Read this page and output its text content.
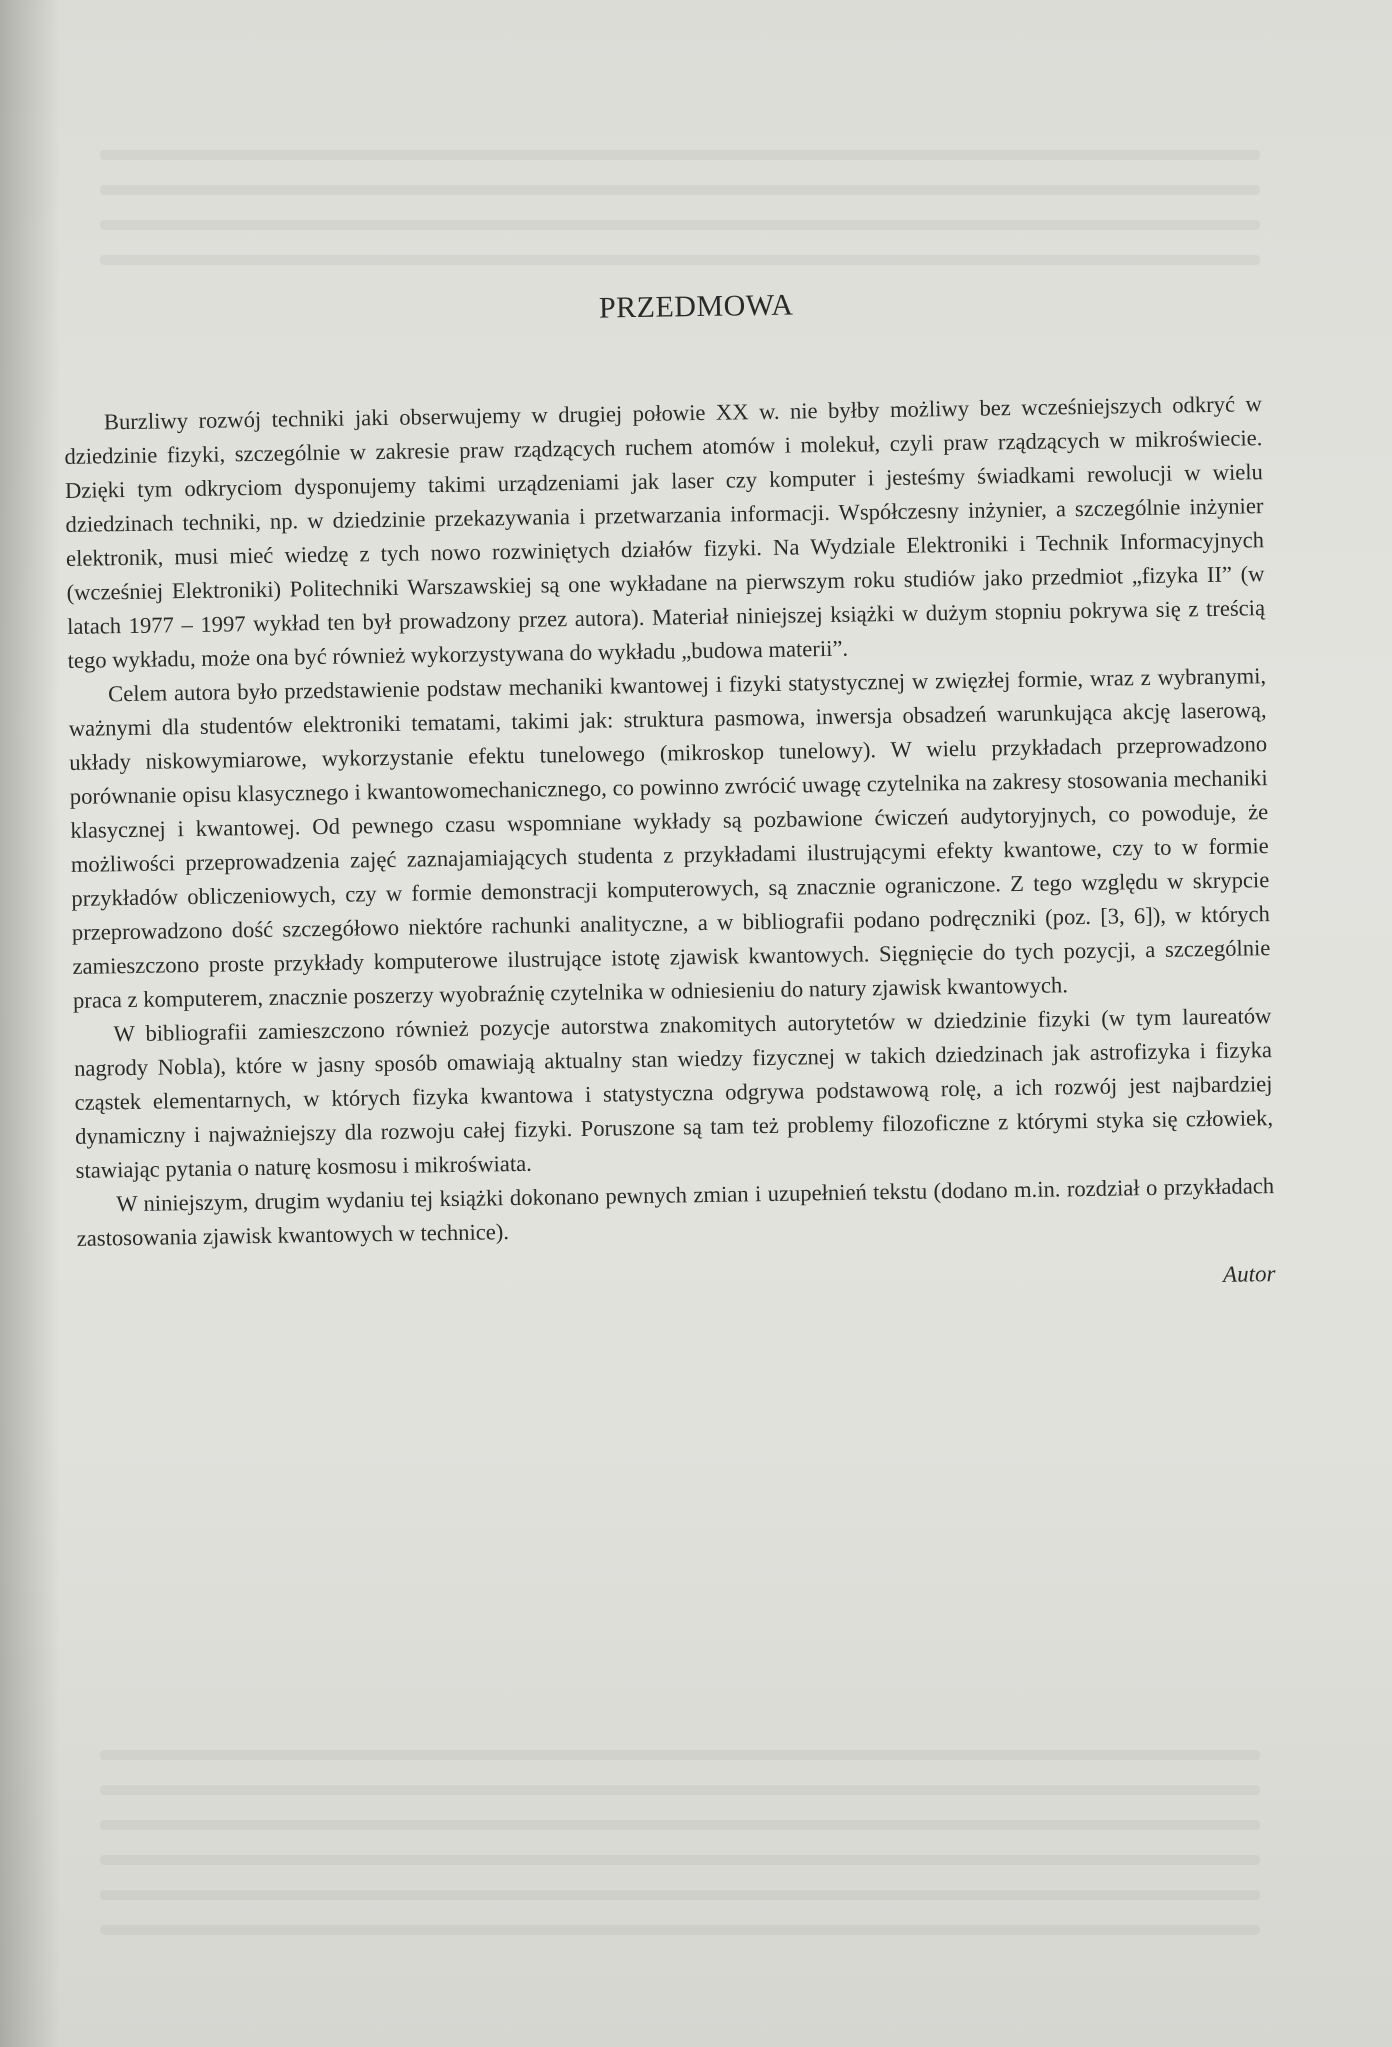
PRZEDMOWA

Burzliwy rozwój techniki jaki obserwujemy w drugiej połowie XX w. nie byłby możliwy bez wcześniejszych odkryć w dziedzinie fizyki, szczególnie w zakresie praw rządzących ruchem atomów i molekuł, czyli praw rządzących w mikroświecie. Dzięki tym odkryciom dysponujemy takimi urządzeniami jak laser czy komputer i jesteśmy świadkami rewolucji w wielu dziedzinach techniki, np. w dziedzinie przekazywania i przetwarzania informacji. Współczesny inżynier, a szczególnie inżynier elektronik, musi mieć wiedzę z tych nowo rozwiniętych działów fizyki. Na Wydziale Elektroniki i Technik Informacyjnych (wcześniej Elektroniki) Politechniki Warszawskiej są one wykładane na pierwszym roku studiów jako przedmiot „fizyka II” (w latach 1977 – 1997 wykład ten był prowadzony przez autora). Materiał niniejszej książki w dużym stopniu pokrywa się z treścią tego wykładu, może ona być również wykorzystywana do wykładu „budowa materii”.

Celem autora było przedstawienie podstaw mechaniki kwantowej i fizyki statystycznej w zwięzłej formie, wraz z wybranymi, ważnymi dla studentów elektroniki tematami, takimi jak: struktura pasmowa, inwersja obsadzeń warunkująca akcję laserową, układy niskowymiarowe, wykorzystanie efektu tunelowego (mikroskop tunelowy). W wielu przykładach przeprowadzono porównanie opisu klasycznego i kwantowomechanicznego, co powinno zwrócić uwagę czytelnika na zakresy stosowania mechaniki klasycznej i kwantowej. Od pewnego czasu wspomniane wykłady są pozbawione ćwiczeń audytoryjnych, co powoduje, że możliwości przeprowadzenia zajęć zaznajamiających studenta z przykładami ilustrującymi efekty kwantowe, czy to w formie przykładów obliczeniowych, czy w formie demonstracji komputerowych, są znacznie ograniczone. Z tego względu w skrypcie przeprowadzono dość szczegółowo niektóre rachunki analityczne, a w bibliografii podano podręczniki (poz. [3, 6]), w których zamieszczono proste przykłady komputerowe ilustrujące istotę zjawisk kwantowych. Sięgnięcie do tych pozycji, a szczególnie praca z komputerem, znacznie poszerzy wyobraźnię czytelnika w odniesieniu do natury zjawisk kwantowych.

W bibliografii zamieszczono również pozycje autorstwa znakomitych autorytetów w dziedzinie fizyki (w tym laureatów nagrody Nobla), które w jasny sposób omawiają aktualny stan wiedzy fizycznej w takich dziedzinach jak astrofizyka i fizyka cząstek elementarnych, w których fizyka kwantowa i statystyczna odgrywa podstawową rolę, a ich rozwój jest najbardziej dynamiczny i najważniejszy dla rozwoju całej fizyki. Poruszone są tam też problemy filozoficzne z którymi styka się człowiek, stawiając pytania o naturę kosmosu i mikroświata.

W niniejszym, drugim wydaniu tej książki dokonano pewnych zmian i uzupełnień tekstu (dodano m.in. rozdział o przykładach zastosowania zjawisk kwantowych w technice).

Autor
